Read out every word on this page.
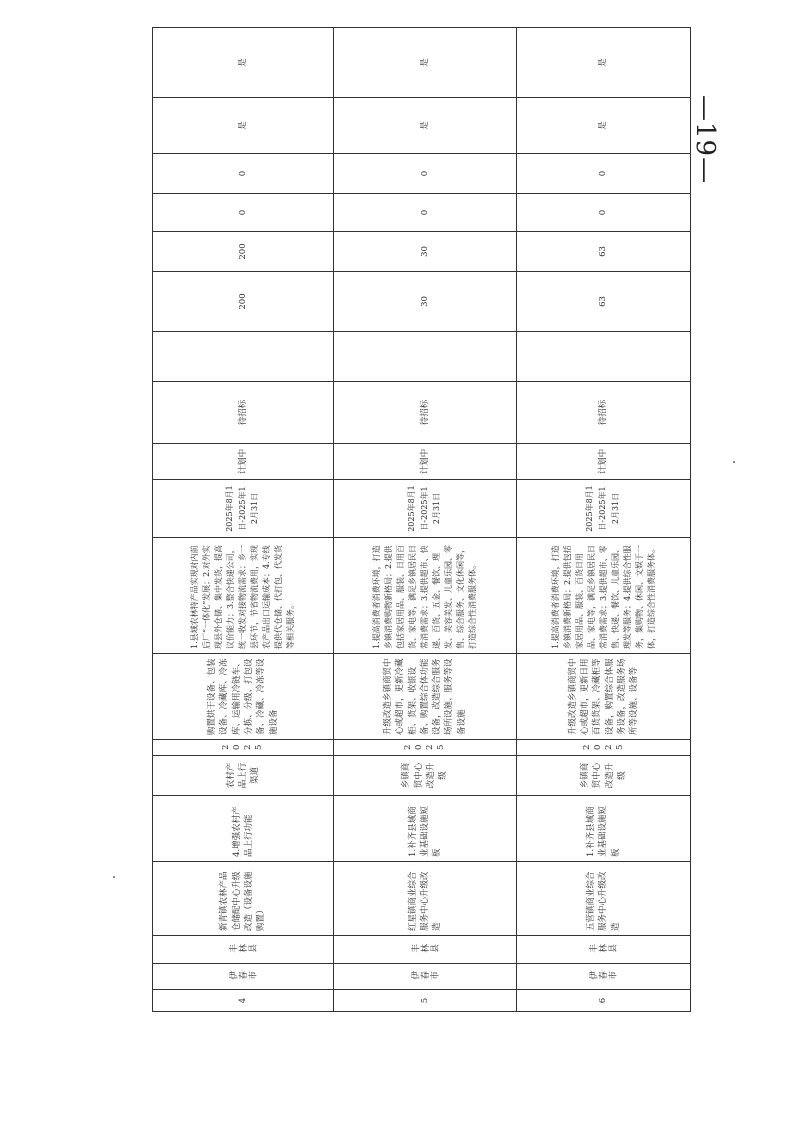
—19—
4	伊春市	丰林县	新青镇农林产品仓储配中心升级改造（设备设施购置）	4.增强农村产品上行功能	农村产品上行渠道	2025	购置烘干设备、包装设备、冷藏库、冷冻库、运输用冷链车、分拣、分级、打包设备、冷藏、冷冻等设施设备	1.县域农林特产品实现对内前后厂“一体化”发展；2.对外实现县外仓储、集中发货，提高议价能力；3.整合快递公司，统一收发对接物流需求；乡一县环节，节省物流费用，实现农产品出口运输成本；4.专线提供代仓储、代打包、代发货等相关服务。	2025年8月1日-2025年12月31日	计划中	待招标		200	200	0	0	是	是	
5	伊春市	丰林县	红星镇商业综合服务中心升级改造	1.补齐县域商业基础设施短板	乡镇商贸中心改造升级	2025	升级改造乡镇商贸中心或超市，更新冷藏柜、货架、收银设备、购置综合体功能设备，改造综合服务场所设施、服务等设备设施	1.提高消费者消费环境，打造乡镇消费购物新格局；2.提供包括家居用品、服装、日用百货、家电等，满足乡镇居民日常消费需求；3.提供超市、快递、百货、五金、餐饮、理发、美容美发、儿童乐园、零售、综合服务、文化休闲等，打造综合性消费服务体。	2025年8月1日-2025年12月31日	计划中	待招标		30	30	0	0	是	是	
6	伊春市	丰林县	五营镇商业综合服务中心升级改造	1.补齐县域商业基础设施短板	乡镇商贸中心改造升级	2025	升级改造乡镇商贸中心或超市，更新日用百货货架、冷藏柜等设备，购置综合体服务设备，改造服务场所等设施、设备等	1.提高消费者消费环境，打造乡镇消费新格局；2.提供包括家居用品、服装、百货日用品、家电等，满足乡镇居民日常消费需求；3.提供超市、零售、快递、餐饮、儿童乐园、理发等服务；4.提供综合性服务，集购物、休闲、文娱于一体，打造综合性消费服务体。	2025年8月1日-2025年12月31日	计划中	待招标		63	63	0	0	是	是	
